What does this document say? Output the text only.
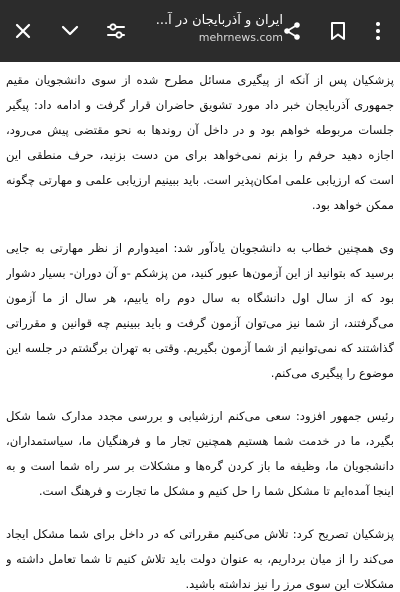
ایران و آذربایجان در آ...
mehrnews.com

پزشکیان پس از آنکه از پیگیری مسائل مطرح شده از سوی دانشجویان مقیم جمهوری آذربایجان خبر داد مورد تشویق حاضران قرار گرفت و ادامه داد: پیگیر جلسات مربوطه خواهم بود و در داخل آن روندها به نحو مقتضی پیش می‌رود، اجازه دهید حرفم را بزنم نمی‌خواهد برای من دست بزنید، حرف منطقی این است که ارزیابی علمی امکان‌پذیر است. باید ببینیم ارزیابی علمی و مهارتی چگونه ممکن خواهد بود.

وی همچنین خطاب به دانشجویان یادآور شد: امیدوارم از نظر مهارتی به جایی برسید که بتوانید از این آزمون‌ها عبور کنید، من پزشکم -و آن دوران- بسیار دشوار بود که از سال اول دانشگاه به سال دوم راه یابیم، هر سال از ما آزمون می‌گرفتند، از شما نیز می‌توان آزمون گرفت و باید ببینیم چه قوانین و مقرراتی گذاشتند که نمی‌توانیم از شما آزمون بگیریم. وقتی به تهران برگشتم در جلسه این موضوع را پیگیری می‌کنم.

رئیس جمهور افزود: سعی می‌کنم ارزشیابی و بررسی مجدد مدارک شما شکل بگیرد، ما در خدمت شما هستیم همچنین تجار ما و فرهنگیان ما، سیاستمداران، دانشجویان ما، وظیفه ما باز کردن گره‌ها و مشکلات بر سر راه شما است و به اینجا آمده‌ایم تا مشکل شما را حل کنیم و مشکل ما تجارت و فرهنگ است.

پزشکیان تصریح کرد: تلاش می‌کنیم مقرراتی که در داخل برای شما مشکل ایجاد می‌کند را از میان برداریم، به عنوان دولت باید تلاش کنیم تا شما تعامل داشته و مشکلات این سوی مرز را نیز نداشته باشید.
